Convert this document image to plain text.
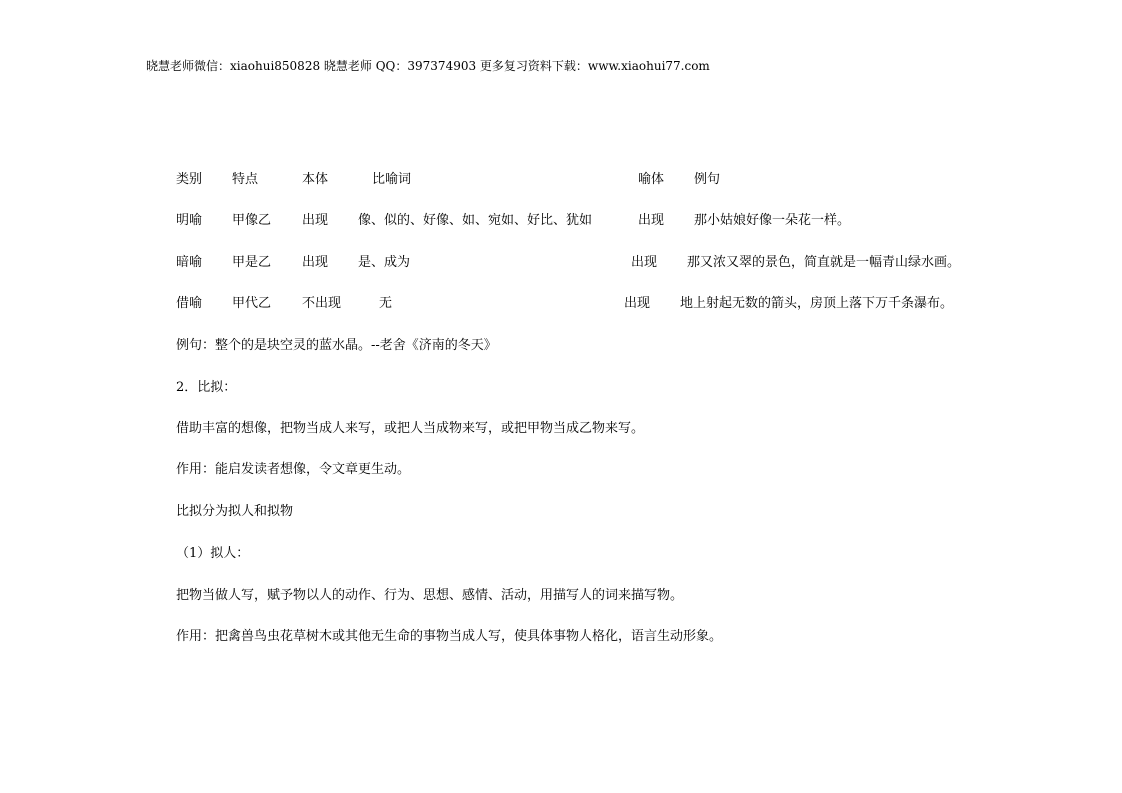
晓慧老师微信：xiaohui850828 晓慧老师 QQ：397374903 更多复习资料下载：www.xiaohui77.com
类别 特点	本体	比喻词	喻体 例句
明喻 甲像乙 出现 像、似的、好像、如、宛如、好比、犹如	出现 那小姑娘好像一朵花一样。
暗喻 甲是乙 出现 是、成为	出现 那又浓又翠的景色，简直就是一幅青山绿水画。
借喻 甲代乙 不出现	无	出现 地上射起无数的箭头，房顶上落下万千条瀑布。

例句：整个的是块空灵的蓝水晶。--老舍《济南的冬天》

2．比拟：

借助丰富的想像，把物当成人来写，或把人当成物来写，或把甲物当成乙物来写。

作用：能启发读者想像，令文章更生动。

比拟分为拟人和拟物

（1）拟人：

把物当做人写，赋予物以人的动作、行为、思想、感情、活动，用描写人的词来描写物。

作用：把禽兽鸟虫花草树木或其他无生命的事物当成人写，使具体事物人格化，语言生动形象。
